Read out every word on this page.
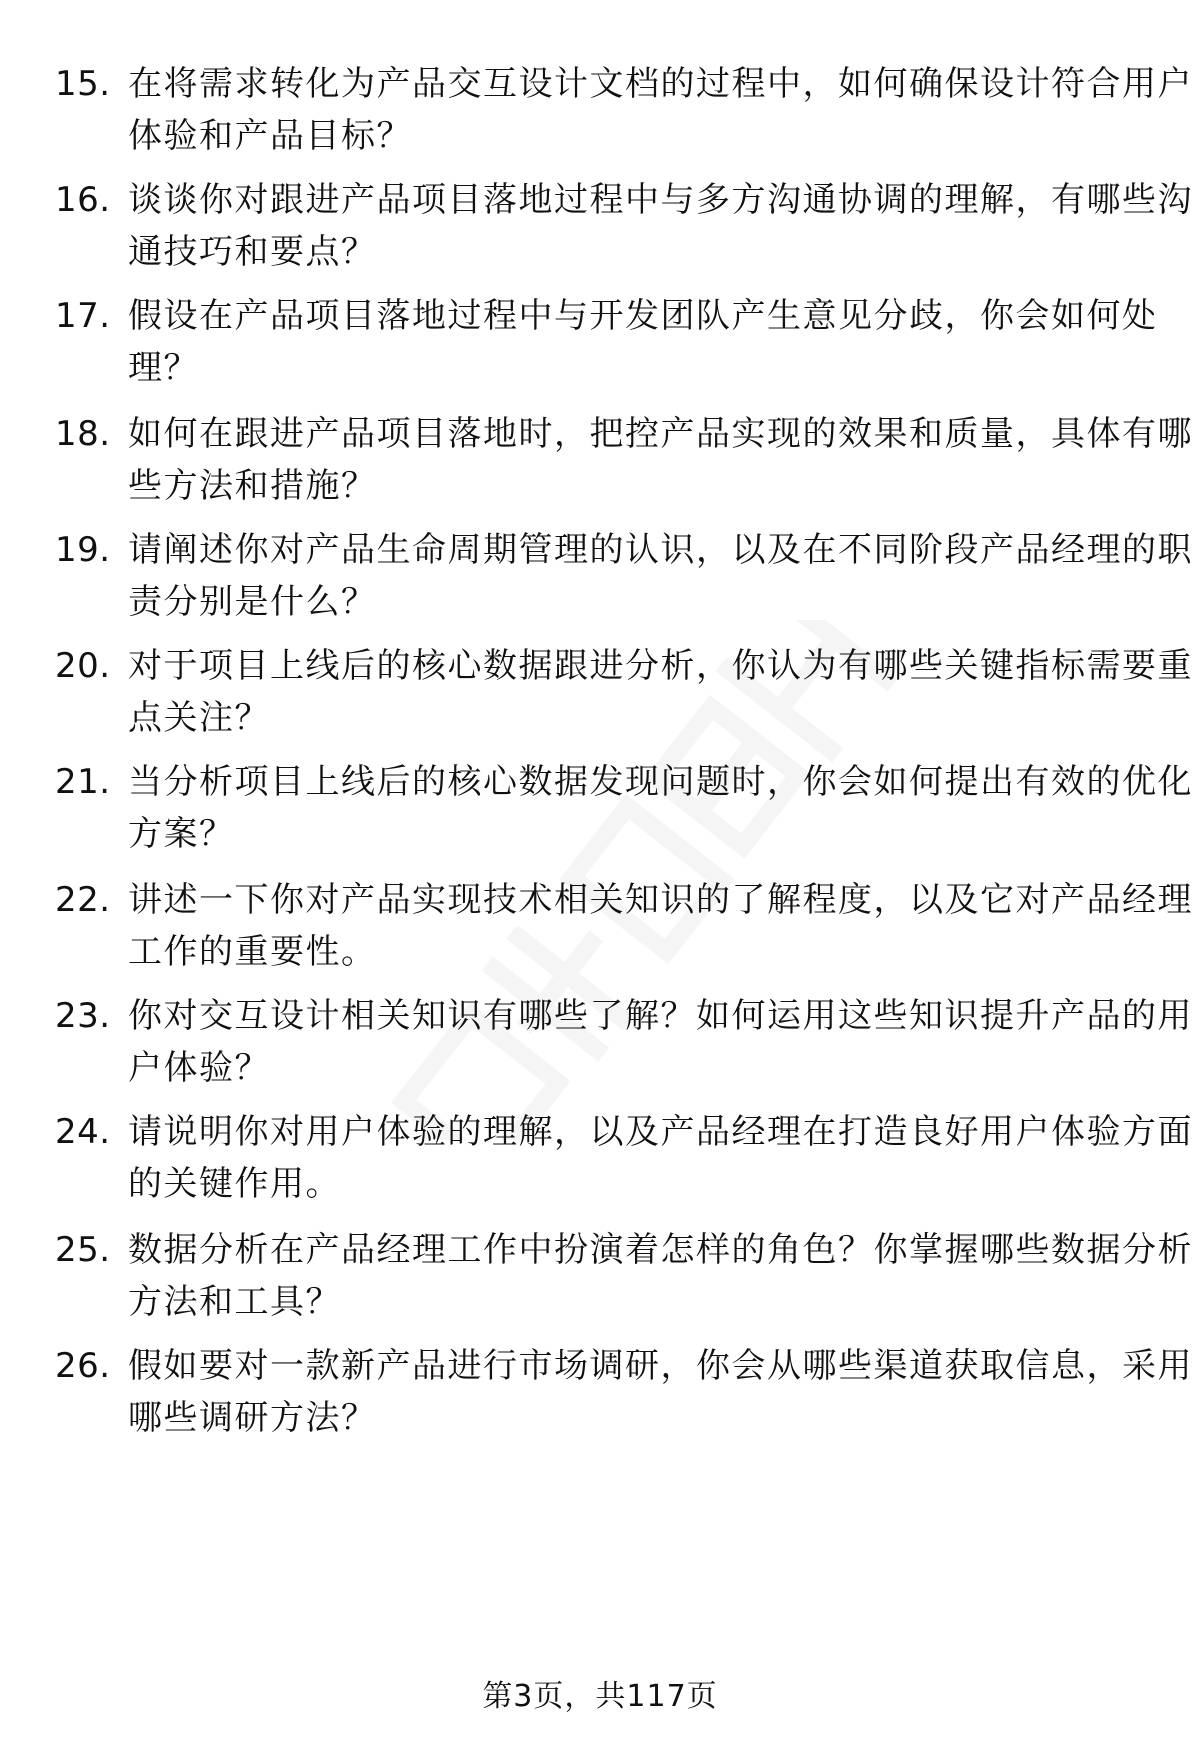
15. 在将需求转化为产品交互设计文档的过程中，如何确保设计符合用户体验和产品目标？
16. 谈谈你对跟进产品项目落地过程中与多方沟通协调的理解，有哪些沟通技巧和要点？
17. 假设在产品项目落地过程中与开发团队产生意见分歧，你会如何处理？
18. 如何在跟进产品项目落地时，把控产品实现的效果和质量，具体有哪些方法和措施？
19. 请阐述你对产品生命周期管理的认识，以及在不同阶段产品经理的职责分别是什么？
20. 对于项目上线后的核心数据跟进分析，你认为有哪些关键指标需要重点关注？
21. 当分析项目上线后的核心数据发现问题时，你会如何提出有效的优化方案？
22. 讲述一下你对产品实现技术相关知识的了解程度，以及它对产品经理工作的重要性。
23. 你对交互设计相关知识有哪些了解？如何运用这些知识提升产品的用户体验？
24. 请说明你对用户体验的理解，以及产品经理在打造良好用户体验方面的关键作用。
25. 数据分析在产品经理工作中扮演着怎样的角色？你掌握哪些数据分析方法和工具？
26. 假如要对一款新产品进行市场调研，你会从哪些渠道获取信息，采用哪些调研方法？
第3页，共117页
